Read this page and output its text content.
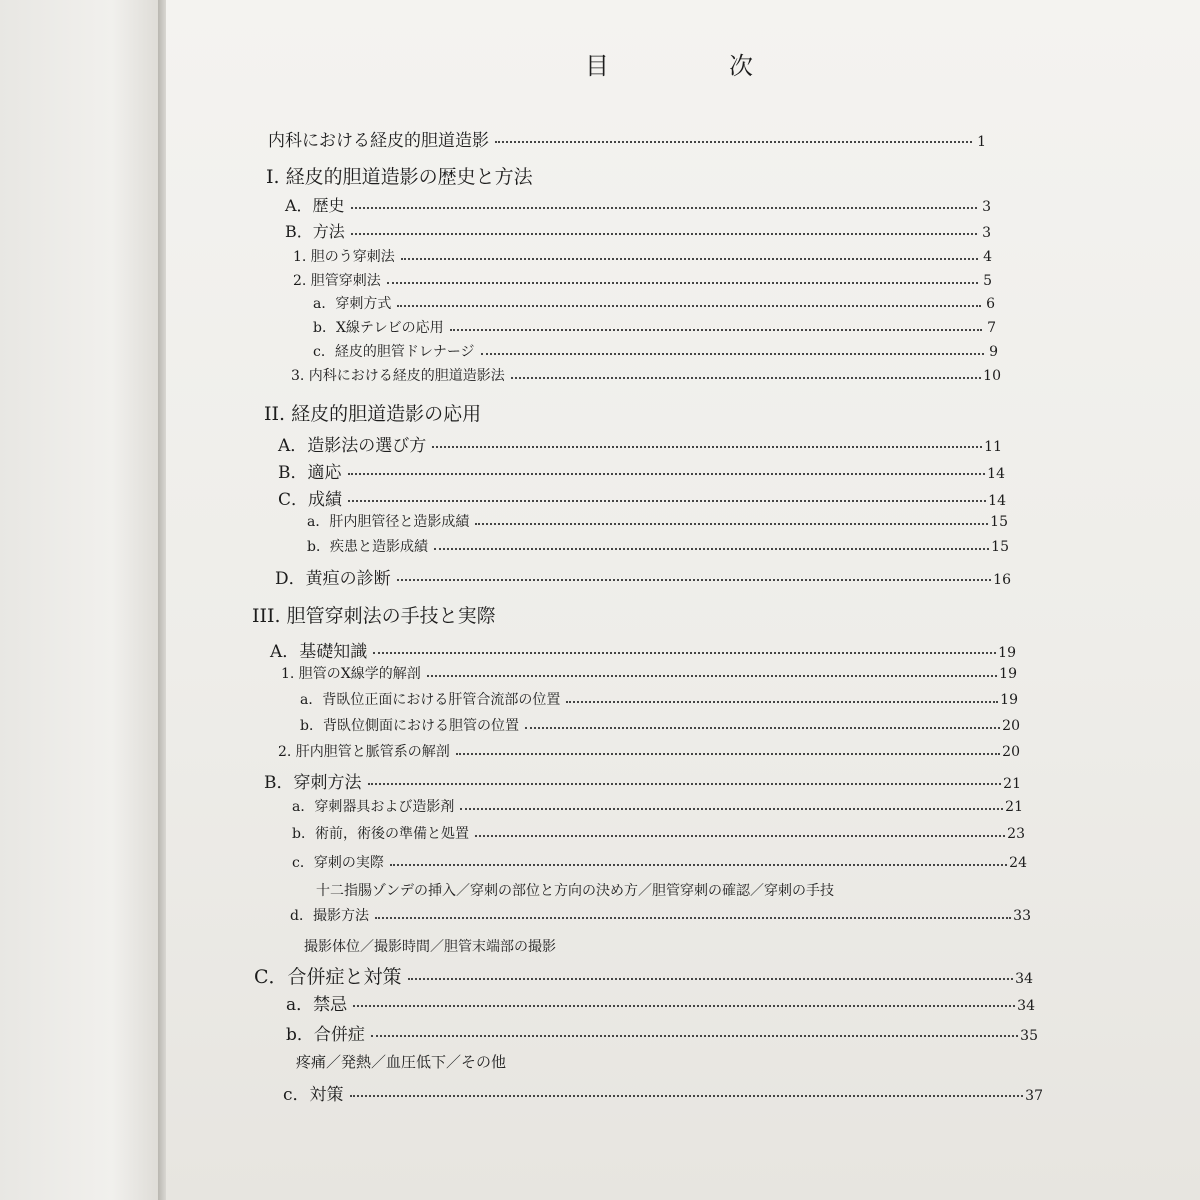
目　次
内科における経皮的胆道造影	1
I. 経皮的胆道造影の歴史と方法
A．歴史	3
B．方法	3
1. 胆のう穿刺法	4
2. 胆管穿刺法	5
a．穿刺方式	6
b．X線テレビの応用	7
c．経皮的胆管ドレナージ	9
3. 内科における経皮的胆道造影法	10
II. 経皮的胆道造影の応用
A．造影法の選び方	11
B．適応	14
C．成績	14
a．肝内胆管径と造影成績	15
b．疾患と造影成績	15
D．黄疸の診断	16
III. 胆管穿刺法の手技と実際
A．基礎知識	19
1. 胆管のX線学的解剖	19
a．背臥位正面における肝管合流部の位置	19
b．背臥位側面における胆管の位置	20
2. 肝内胆管と脈管系の解剖	20
B．穿刺方法	21
a．穿刺器具および造影剤	21
b．術前，術後の準備と処置	23
c．穿刺の実際	24
十二指腸ゾンデの挿入／穿刺の部位と方向の決め方／胆管穿刺の確認／穿刺の手技
d．撮影方法	33
撮影体位／撮影時間／胆管末端部の撮影
C．合併症と対策	34
a．禁忌	34
b．合併症	35
疼痛／発熱／血圧低下／その他
c．対策	37
